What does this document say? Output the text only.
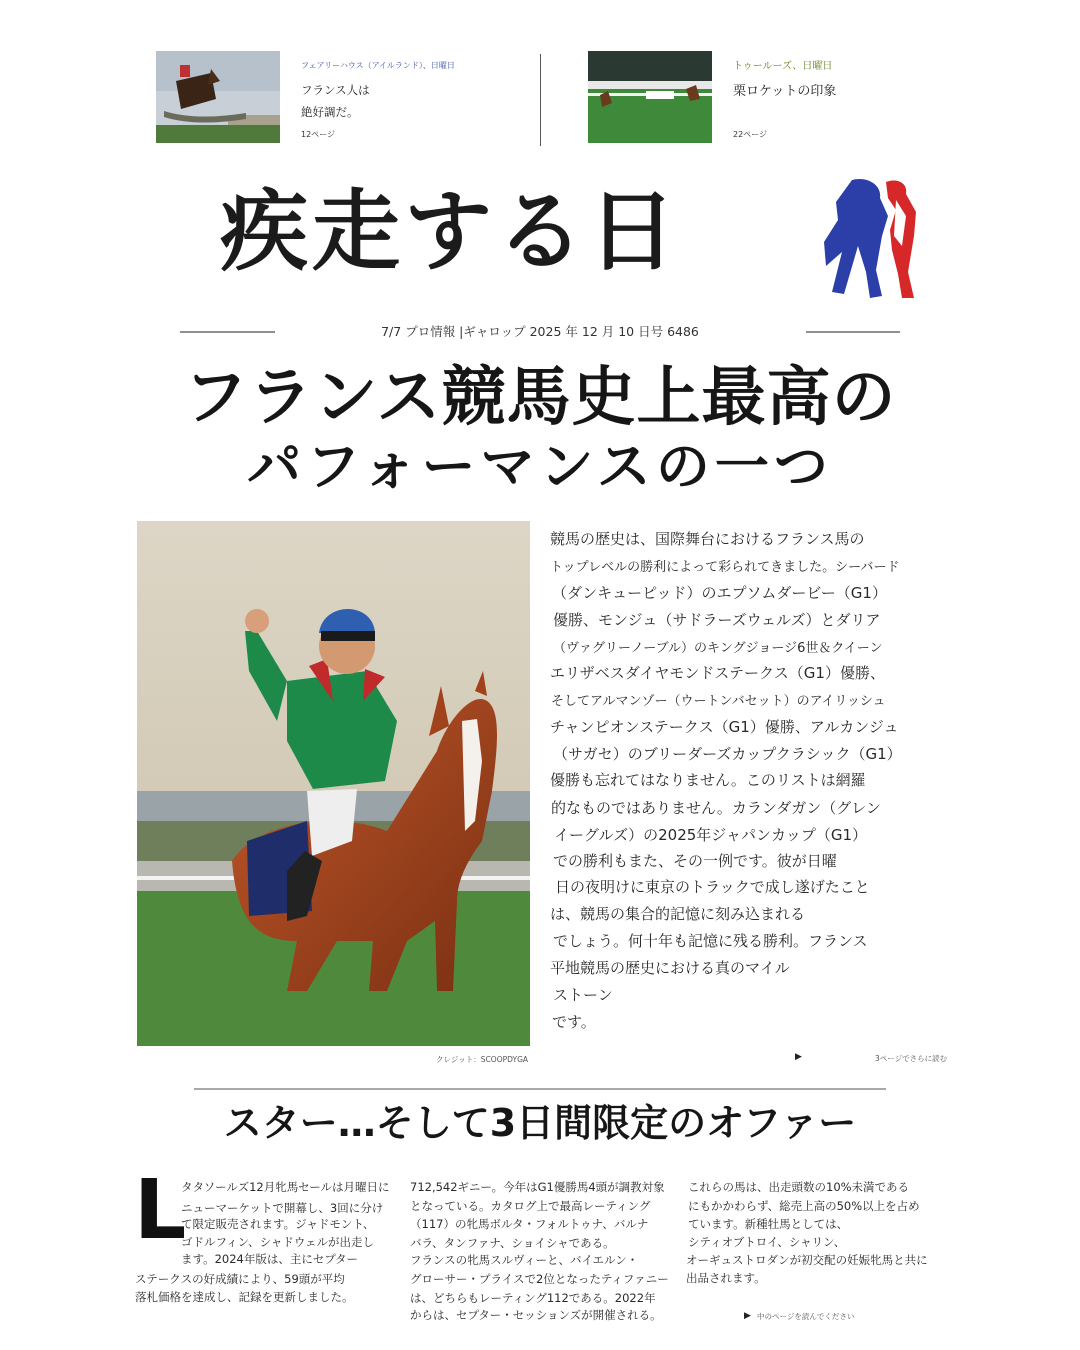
フェアリーハウス（アイルランド）、日曜日
フランス人は
絶好調だ。
12ページ
トゥールーズ、日曜日
栗ロケットの印象
22ページ
疾走する日
7/7 プロ情報 |ギャロップ 2025 年 12 月 10 日号 6486
フランス競馬史上最高の
パフォーマンスの一つ
クレジット：SCOOPDYGA
競馬の歴史は、国際舞台におけるフランス馬の
トップレベルの勝利によって彩られてきました。シーバード
（ダンキューピッド）のエプソムダービー（G1）
優勝、モンジュ（サドラーズウェルズ）とダリア
（ヴァグリーノーブル）のキングジョージ6世＆クイーン
エリザベスダイヤモンドステークス（G1）優勝、
そしてアルマンゾー（ウートンバセット）のアイリッシュ
チャンピオンステークス（G1）優勝、アルカンジュ
（サガセ）のブリーダーズカップクラシック（G1）
優勝も忘れてはなりません。このリストは網羅
的なものではありません。カランダガン（グレン
イーグルズ）の2025年ジャパンカップ（G1）
での勝利もまた、その一例です。彼が日曜
日の夜明けに東京のトラックで成し遂げたこと
は、競馬の集合的記憶に刻み込まれる
でしょう。何十年も記憶に残る勝利。フランス
平地競馬の歴史における真のマイル
ストーン
です。
▶	3ページでさらに読む
スター…そして3日間限定のオファー
L
タタソールズ12月牝馬セールは月曜日に
ニューマーケットで開幕し、3回に分け
て限定販売されます。ジャドモント、
ゴドルフィン、シャドウェルが出走し
ます。2024年版は、主にセプター
ステークスの好成績により、59頭が平均
落札価格を達成し、記録を更新しました。
712,542ギニー。今年はG1優勝馬4頭が調教対象
となっている。カタログ上で最高レーティング
（117）の牝馬ボルタ・フォルトゥナ、バルナ
バラ、タンファナ、ショイシャである。
フランスの牝馬スルヴィーと、バイエルン・
グローサー・プライスで2位となったティファニー
は、どちらもレーティング112である。2022年
からは、セプター・セッションズが開催される。
これらの馬は、出走頭数の10%未満である
にもかかわらず、総売上高の50%以上を占め
ています。新種牡馬としては、
シティオブトロイ、シャリン、
オーギュストロダンが初交配の妊娠牝馬と共に
出品されます。
▶ 中のページを読んでください
